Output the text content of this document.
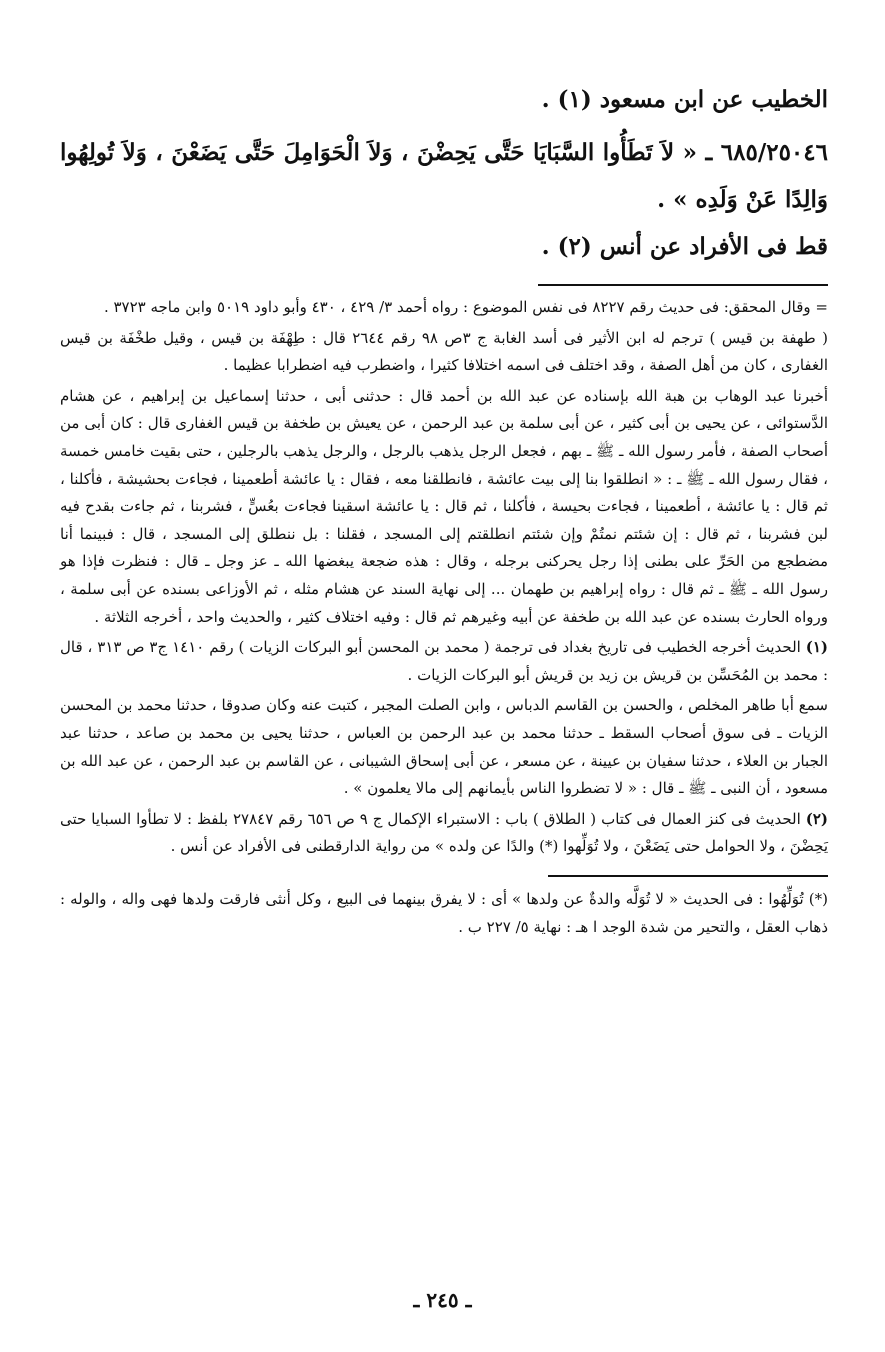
الخطيب عن ابن مسعود (١) .

٦٨٥/٢٥٠٤٦ ـ « لاَ تَطَأُوا السَّبَايَا حَتَّى يَحِضْنَ ، وَلاَ الْحَوَامِلَ حَتَّى يَضَعْنَ ، وَلاَ تُولِهُوا وَالِدًا عَنْ وَلَدِه » .

قط فى الأفراد عن أنس (٢) .

= وقال المحقق: فى حديث رقم ٨٢٢٧ فى نفس الموضوع : رواه أحمد ٣/ ٤٢٩ ، ٤٣٠ وأبو داود ٥٠١٩ وابن ماجه ٣٧٢٣ .

( طهفة بن قيس ) ترجم له ابن الأثير فى أسد الغابة ج ٣ص ٩٨ رقم ٢٦٤٤ قال : طِهْفَة بن قيس ، وقيل طخْفَة بن قيس الغفارى ، كان من أهل الصفة ، وقد اختلف فى اسمه اختلافا كثيرا ، واضطرب فيه اضطرابا عظيما .

أخبرنا عبد الوهاب بن هبة الله بإسناده عن عبد الله بن أحمد قال : حدثنى أبى ، حدثنا إسماعيل بن إبراهيم ، عن هشام الدَّستوائى ، عن يحيى بن أبى كثير ، عن أبى سلمة بن عبد الرحمن ، عن يعيش بن طخفة بن قيس الغفارى قال : كان أبى من أصحاب الصفة ، فأمر رسول الله ـ ﷺ ـ بهم ، فجعل الرجل يذهب بالرجل ، والرجل يذهب بالرجلين ، حتى بقيت خامس خمسة ، فقال رسول الله ـ ﷺ ـ : « انطلقوا بنا إلى بيت عائشة ، فانطلقنا معه ، فقال : يا عائشة أطعمينا ، فجاءت بحشيشة ، فأكلنا ، ثم قال : يا عائشة ، أطعمينا ، فجاءت بحيسة ، فأكلنا ، ثم قال : يا عائشة اسقينا فجاءت بعُسٍّ ، فشربنا ، ثم جاءت بقدح فيه لبن فشربنا ، ثم قال : إن شئتم نمتُمْ وإن شئتم انطلقتم إلى المسجد ، فقلنا : بل ننطلق إلى المسجد ، قال : فبينما أنا مضطجع من الحَرِّ على بطنى إذا رجل يحركنى برجله ، وقال : هذه ضجعة يبغضها الله ـ عز وجل ـ قال : فنظرت فإذا هو رسول الله ـ ﷺ ـ ثم قال : رواه إبراهيم بن طهمان ... إلى نهاية السند عن هشام مثله ، ثم الأوزاعى بسنده عن أبى سلمة ، ورواه الحارث بسنده عن عبد الله بن طخفة عن أبيه وغيرهم ثم قال : وفيه اختلاف كثير ، والحديث واحد ، أخرجه الثلاثة .

(١) الحديث أخرجه الخطيب فى تاريخ بغداد فى ترجمة ( محمد بن المحسن أبو البركات الزيات ) رقم ١٤١٠ ج٣ ص ٣١٣ ، قال : محمد بن المُحَسِّن بن قريش بن زيد بن قريش أبو البركات الزيات .

سمع أبا طاهر المخلص ، والحسن بن القاسم الدباس ، وابن الصلت المجبر ، كتبت عنه وكان صدوقا ، حدثنا محمد بن المحسن الزيات ـ فى سوق أصحاب السقط ـ حدثنا محمد بن عبد الرحمن بن العباس ، حدثنا يحيى بن محمد بن صاعد ، حدثنا عبد الجبار بن العلاء ، حدثنا سفيان بن عيينة ، عن مسعر ، عن أبى إسحاق الشيبانى ، عن القاسم بن عبد الرحمن ، عن عبد الله بن مسعود ، أن النبى ـ ﷺ ـ قال : « لا تضطروا الناس بأيمانهم إلى مالا يعلمون » .

(٢) الحديث فى كنز العمال فى كتاب ( الطلاق ) باب : الاستبراء الإكمال ج ٩ ص ٦٥٦ رقم ٢٧٨٤٧ بلفظ : لا تطأوا السبايا حتى يَحِضْنَ ، ولا الحوامل حتى يَضَعْنَ ، ولا تُوَلِّهوا (*) والدًا عن ولده » من رواية الدارقطنى فى الأفراد عن أنس .

(*) تُوَلِّهُوا : فى الحديث « لا تُوَلَّه والدةٌ عن ولدها » أى : لا يفرق بينهما فى البيع ، وكل أنثى فارقت ولدها فهى واله ، والوله : ذهاب العقل ، والتحير من شدة الوجد ا هـ : نهاية ٥/ ٢٢٧ ب .

ـ ٢٤٥ ـ
